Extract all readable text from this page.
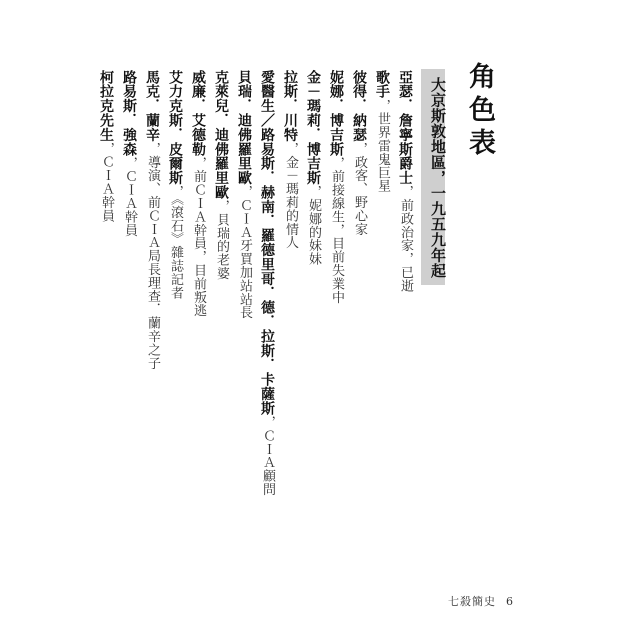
角色表
大京斯敦地區，一九五九年起
亞瑟．詹寧斯爵士，前政治家，已逝
歌手，世界雷鬼巨星
彼得．納瑟，政客、野心家
妮娜．博吉斯，前接線生，目前失業中
金－瑪莉．博吉斯，妮娜的妹妹
拉斯．川特，金－瑪莉的情人
愛醫生／路易斯．赫南．羅德里哥．德．拉斯．卡薩斯，ＣＩＡ顧問
貝瑞．迪佛羅里歐，ＣＩＡ牙買加站站長
克萊兒．迪佛羅里歐，貝瑞的老婆
威廉．艾德勒，前ＣＩＡ幹員，目前叛逃
艾力克斯．皮爾斯，《滾石》雜誌記者
馬克．蘭辛，導演、前ＣＩＡ局長理查．蘭辛之子
路易斯．強森，ＣＩＡ幹員
柯拉克先生，ＣＩＡ幹員
七殺簡史 6
